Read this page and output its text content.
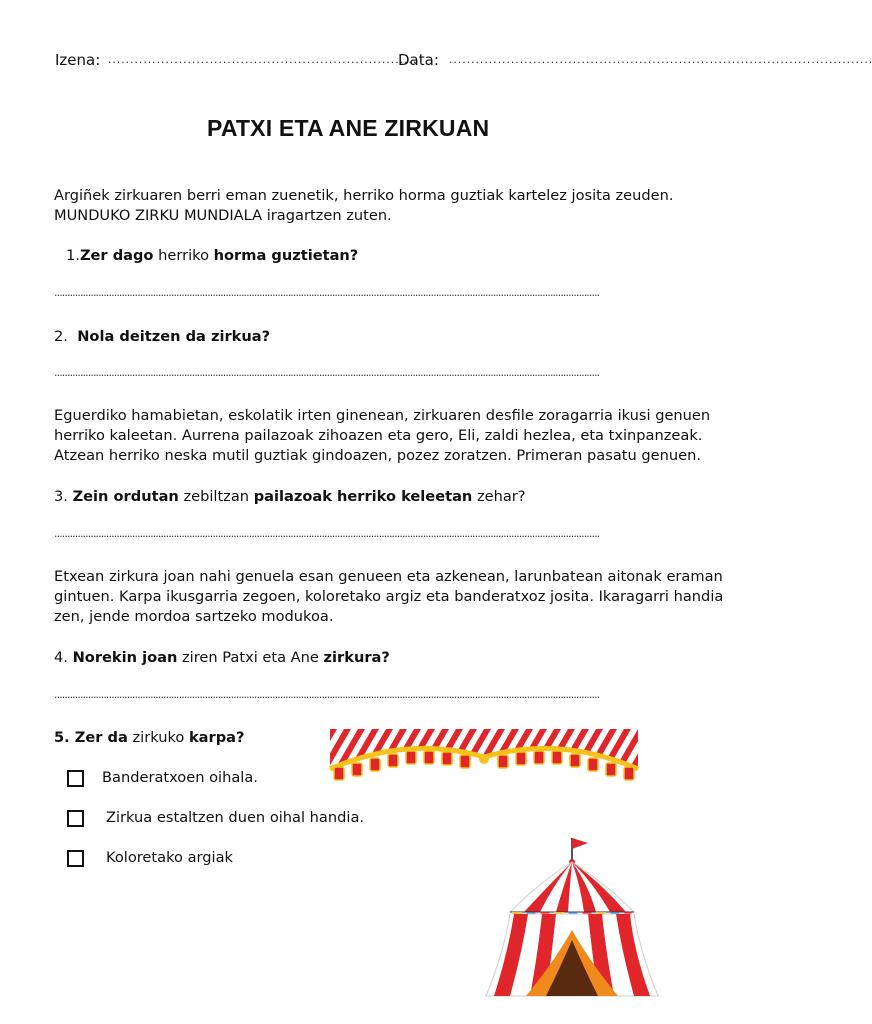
Izena: ......................................................................
Data: ................................................................................................
PATXI ETA ANE ZIRKUAN
Argiñek zirkuaren berri eman zuenetik, herriko horma guztiak kartelez josita zeuden.
MUNDUKO ZIRKU MUNDIALA iragartzen zuten.
1.Zer dago herriko horma guztietan?
..................................................................................................................................................................................................................
2. Nola deitzen da zirkua?
..................................................................................................................................................................................................................
Eguerdiko hamabietan, eskolatik irten ginenean, zirkuaren desfile zoragarria ikusi genuen
herriko kaleetan. Aurrena pailazoak zihoazen eta gero, Eli, zaldi hezlea, eta txinpanzeak.
Atzean herriko neska mutil guztiak gindoazen, pozez zoratzen. Primeran pasatu genuen.
3. Zein ordutan zebiltzan pailazoak herriko keleetan zehar?
..................................................................................................................................................................................................................
Etxean zirkura joan nahi genuela esan genueen eta azkenean, larunbatean aitonak eraman
gintuen. Karpa ikusgarria zegoen, koloretako argiz eta banderatxoz josita. Ikaragarri handia
zen, jende mordoa sartzeko modukoa.
4. Norekin joan ziren Patxi eta Ane zirkura?
..................................................................................................................................................................................................................
5. Zer da zirkuko karpa?
Banderatxoen oihala.
Zirkua estaltzen duen oihal handia.
Koloretako argiak
